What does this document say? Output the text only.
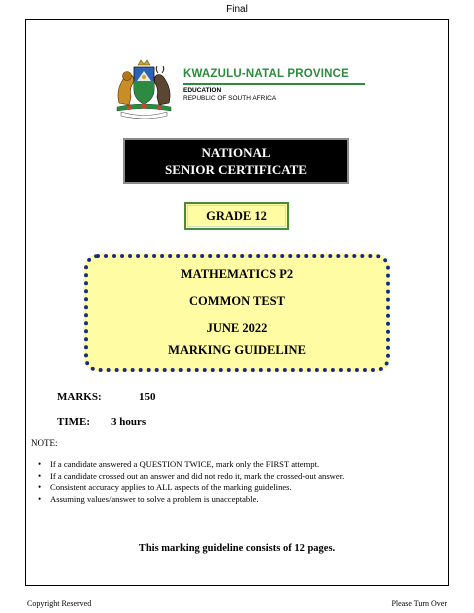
Final
KWAZULU-NATAL PROVINCE
EDUCATION
REPUBLIC OF SOUTH AFRICA
NATIONAL
SENIOR CERTIFICATE
GRADE 12
MATHEMATICS P2
COMMON TEST
JUNE 2022
MARKING GUIDELINE
MARKS:	150
TIME: 3 hours
NOTE:
• If a candidate answered a QUESTION TWICE, mark only the FIRST attempt.
• If a candidate crossed out an answer and did not redo it, mark the crossed-out answer.
• Consistent accuracy applies to ALL aspects of the marking guidelines.
• Assuming values/answer to solve a problem is unacceptable.
This marking guideline consists of 12 pages.
Copyright Reserved	Please Turn Over
